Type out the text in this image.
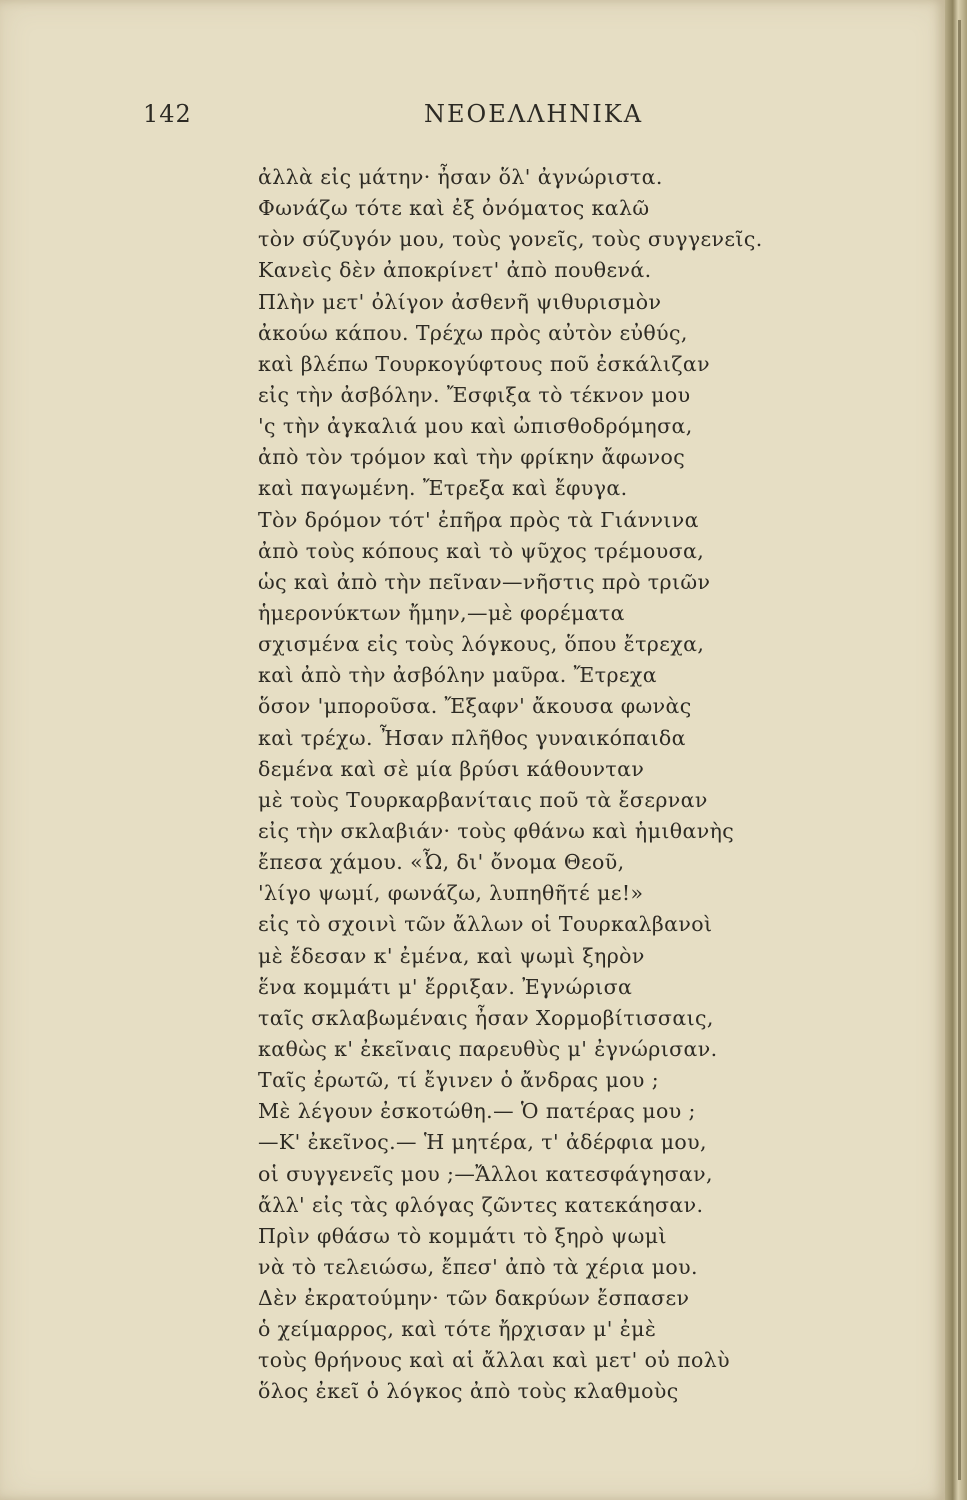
142	ΝΕΟΕΛΛΗΝΙΚΑ
ἀλλὰ εἰς μάτην· ἦσαν ὅλ' ἀγνώριστα.
Φωνάζω τότε καὶ ἐξ ὀνόματος καλῶ
τὸν σύζυγόν μου, τοὺς γονεῖς, τοὺς συγγενεῖς.
Κανεὶς δὲν ἀποκρίνετ' ἀπὸ πουθενά.
Πλὴν μετ' ὀλίγον ἀσθενῆ ψιθυρισμὸν
ἀκούω κάπου. Τρέχω πρὸς αὐτὸν εὐθύς,
καὶ βλέπω Τουρκογύφτους ποῦ ἐσκάλιζαν
εἰς τὴν ἀσβόλην. Ἔσφιξα τὸ τέκνον μου
'ς τὴν ἀγκαλιά μου καὶ ὠπισθοδρόμησα,
ἀπὸ τὸν τρόμον καὶ τὴν φρίκην ἄφωνος
καὶ παγωμένη. Ἔτρεξα καὶ ἔφυγα.
Τὸν δρόμον τότ' ἐπῆρα πρὸς τὰ Γιάννινα
ἀπὸ τοὺς κόπους καὶ τὸ ψῦχος τρέμουσα,
ὡς καὶ ἀπὸ τὴν πεῖναν—νῆστις πρὸ τριῶν
ἡμερονύκτων ἤμην,—μὲ φορέματα
σχισμένα εἰς τοὺς λόγκους, ὅπου ἔτρεχα,
καὶ ἀπὸ τὴν ἀσβόλην μαῦρα. Ἔτρεχα
ὅσον 'μποροῦσα. Ἔξαφν' ἄκουσα φωνὰς
καὶ τρέχω. Ἦσαν πλῆθος γυναικόπαιδα
δεμένα καὶ σὲ μία βρύσι κάθουνταν
μὲ τοὺς Τουρκαρβανίταις ποῦ τὰ ἔσερναν
εἰς τὴν σκλαβιάν· τοὺς φθάνω καὶ ἡμιθανὴς
ἔπεσα χάμου. «Ὦ, δι' ὄνομα Θεοῦ,
'λίγο ψωμί, φωνάζω, λυπηθῆτέ με!»
εἰς τὸ σχοινὶ τῶν ἄλλων οἱ Τουρκαλβανοὶ
μὲ ἔδεσαν κ' ἐμένα, καὶ ψωμὶ ξηρὸν
ἕνα κομμάτι μ' ἔρριξαν. Ἐγνώρισα
ταῖς σκλαβωμέναις ἦσαν Χορμοβίτισσαις,
καθὼς κ' ἐκεῖναις παρευθὺς μ' ἐγνώρισαν.
Ταῖς ἐρωτῶ, τί ἔγινεν ὁ ἄνδρας μου ;
Μὲ λέγουν ἐσκοτώθη.— Ὁ πατέρας μου ;
—Κ' ἐκεῖνος.— Ἡ μητέρα, τ' ἀδέρφια μου,
οἱ συγγενεῖς μου ;—Ἄλλοι κατεσφάγησαν,
ἄλλ' εἰς τὰς φλόγας ζῶντες κατεκάησαν.
Πρὶν φθάσω τὸ κομμάτι τὸ ξηρὸ ψωμὶ
νὰ τὸ τελειώσω, ἔπεσ' ἀπὸ τὰ χέρια μου.
Δὲν ἐκρατούμην· τῶν δακρύων ἔσπασεν
ὁ χείμαρρος, καὶ τότε ἤρχισαν μ' ἐμὲ
τοὺς θρήνους καὶ αἱ ἄλλαι καὶ μετ' οὐ πολὺ
ὅλος ἐκεῖ ὁ λόγκος ἀπὸ τοὺς κλαθμοὺς
